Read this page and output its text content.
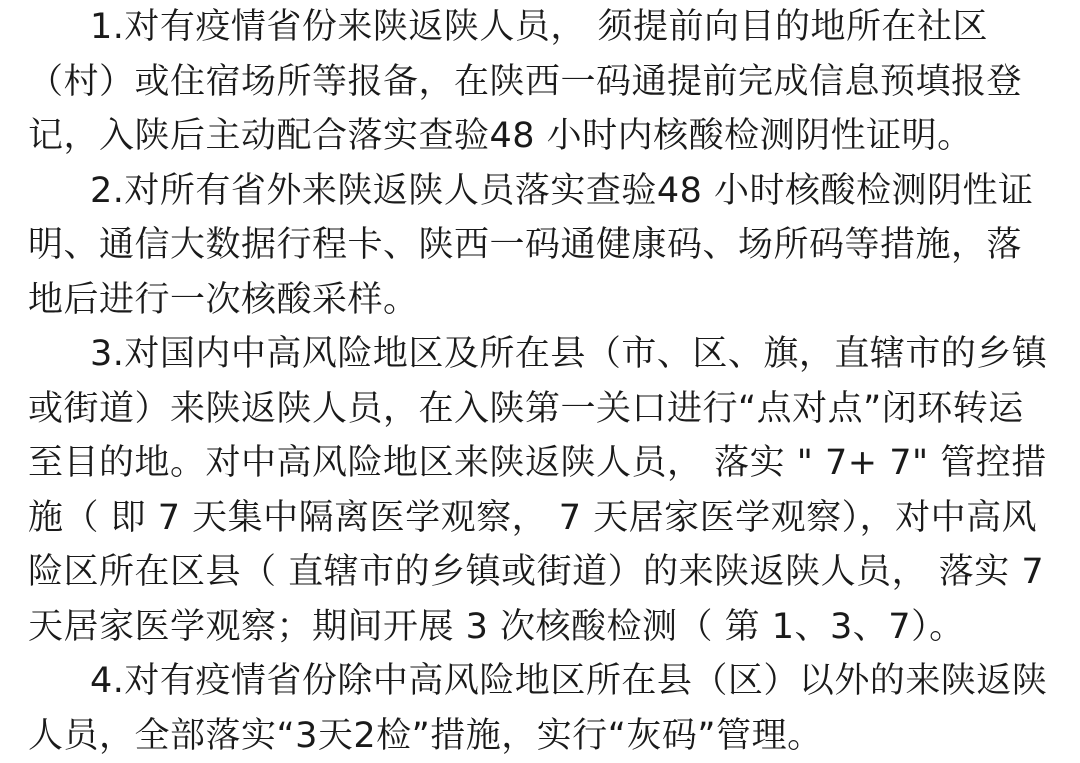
1.对有疫情省份来陕返陕人员， 须提前向目的地所在社区
（村）或住宿场所等报备，在陕西一码通提前完成信息预填报登
记，入陕后主动配合落实查验48 小时内核酸检测阴性证明。
2.对所有省外来陕返陕人员落实查验48 小时核酸检测阴性证
明、通信大数据行程卡、陕西一码通健康码、场所码等措施，落
地后进行一次核酸采样。
3.对国内中高风险地区及所在县（市、区、旗，直辖市的乡镇
或街道）来陕返陕人员，在入陕第一关口进行“点对点”闭环转运
至目的地。对中高风险地区来陕返陕人员， 落实 " 7+ 7" 管控措
施（ 即 7 天集中隔离医学观察， 7 天居家医学观察），对中高风
险区所在区县（ 直辖市的乡镇或街道）的来陕返陕人员， 落实 7
天居家医学观察；期间开展 3 次核酸检测（ 第 1、3、7）。
4.对有疫情省份除中高风险地区所在县（区）以外的来陕返陕
人员，全部落实“3天2检”措施，实行“灰码”管理。
